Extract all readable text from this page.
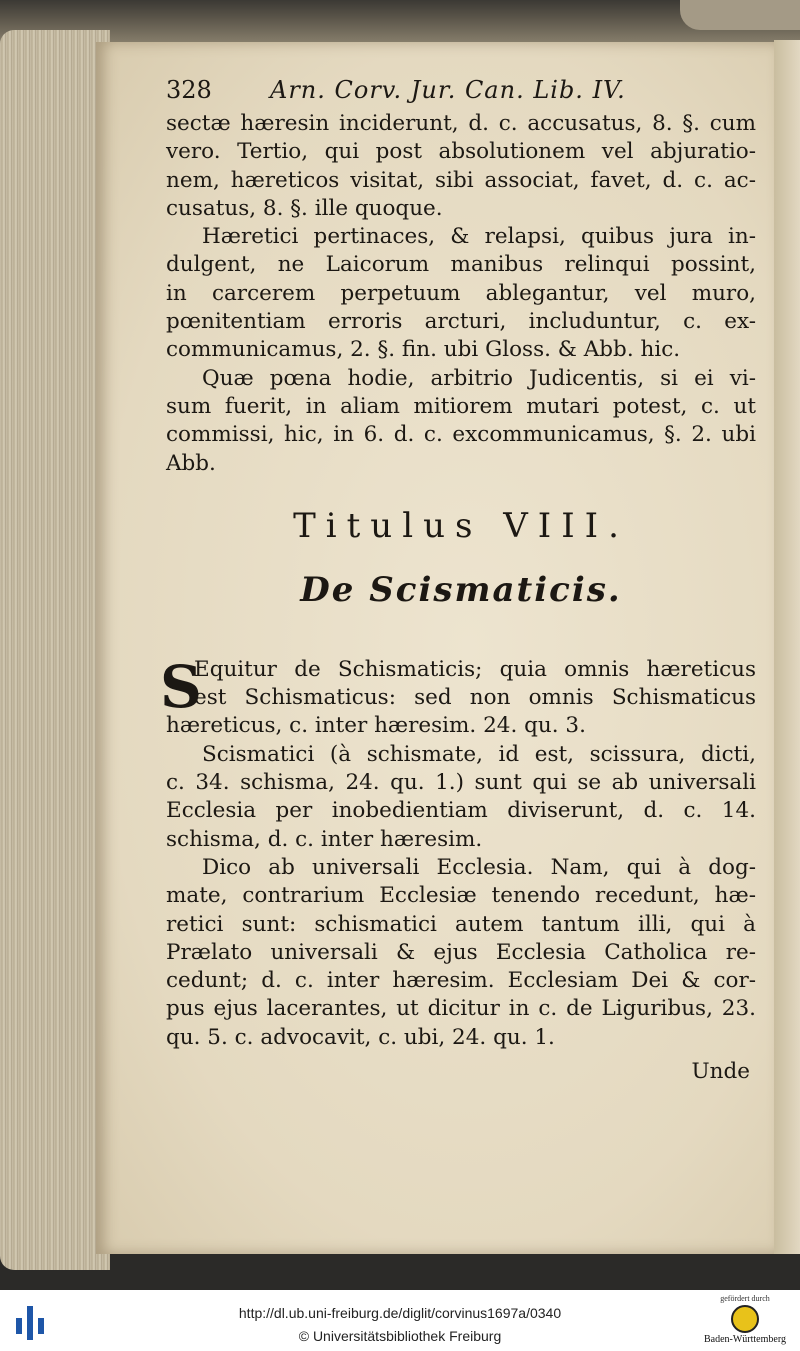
328 Arn. Corv. Jur. Can. Lib. IV.
sectæ hæresin inciderunt, d. c. accusatus, 8. §. cum
vero. Tertio, qui post absolutionem vel abjuratio-
nem, hæreticos visitat, sibi associat, favet, d. c. ac-
cusatus, 8. §. ille quoque.
Hæretici pertinaces, & relapsi, quibus jura in-
dulgent, ne Laicorum manibus relinqui possint,
in carcerem perpetuum ablegantur, vel muro,
pœnitentiam erroris arcturi, includuntur, c. ex-
communicamus, 2. §. fin. ubi Gloss. & Abb. hic.
Quæ pœna hodie, arbitrio Judicentis, si ei vi-
sum fuerit, in aliam mitiorem mutari potest, c. ut
commissi, hic, in 6. d. c. excommunicamus, §. 2. ubi
Abb.
Titulus VIII.
De Scismaticis.
S
Equitur de Schismaticis; quia omnis hæreticus
est Schismaticus: sed non omnis Schismaticus
hæreticus, c. inter hæresim. 24. qu. 3.
Scismatici (à schismate, id est, scissura, dicti,
c. 34. schisma, 24. qu. 1.) sunt qui se ab universali
Ecclesia per inobedientiam diviserunt, d. c. 14.
schisma, d. c. inter hæresim.
Dico ab universali Ecclesia. Nam, qui à dog-
mate, contrarium Ecclesiæ tenendo recedunt, hæ-
retici sunt: schismatici autem tantum illi, qui à
Prælato universali & ejus Ecclesia Catholica re-
cedunt; d. c. inter hæresim. Ecclesiam Dei & cor-
pus ejus lacerantes, ut dicitur in c. de Liguribus, 23.
qu. 5. c. advocavit, c. ubi, 24. qu. 1.
Unde
http://dl.ub.uni-freiburg.de/diglit/corvinus1697a/0340
© Universitätsbibliothek Freiburg
gefördert durch
Baden-Württemberg
